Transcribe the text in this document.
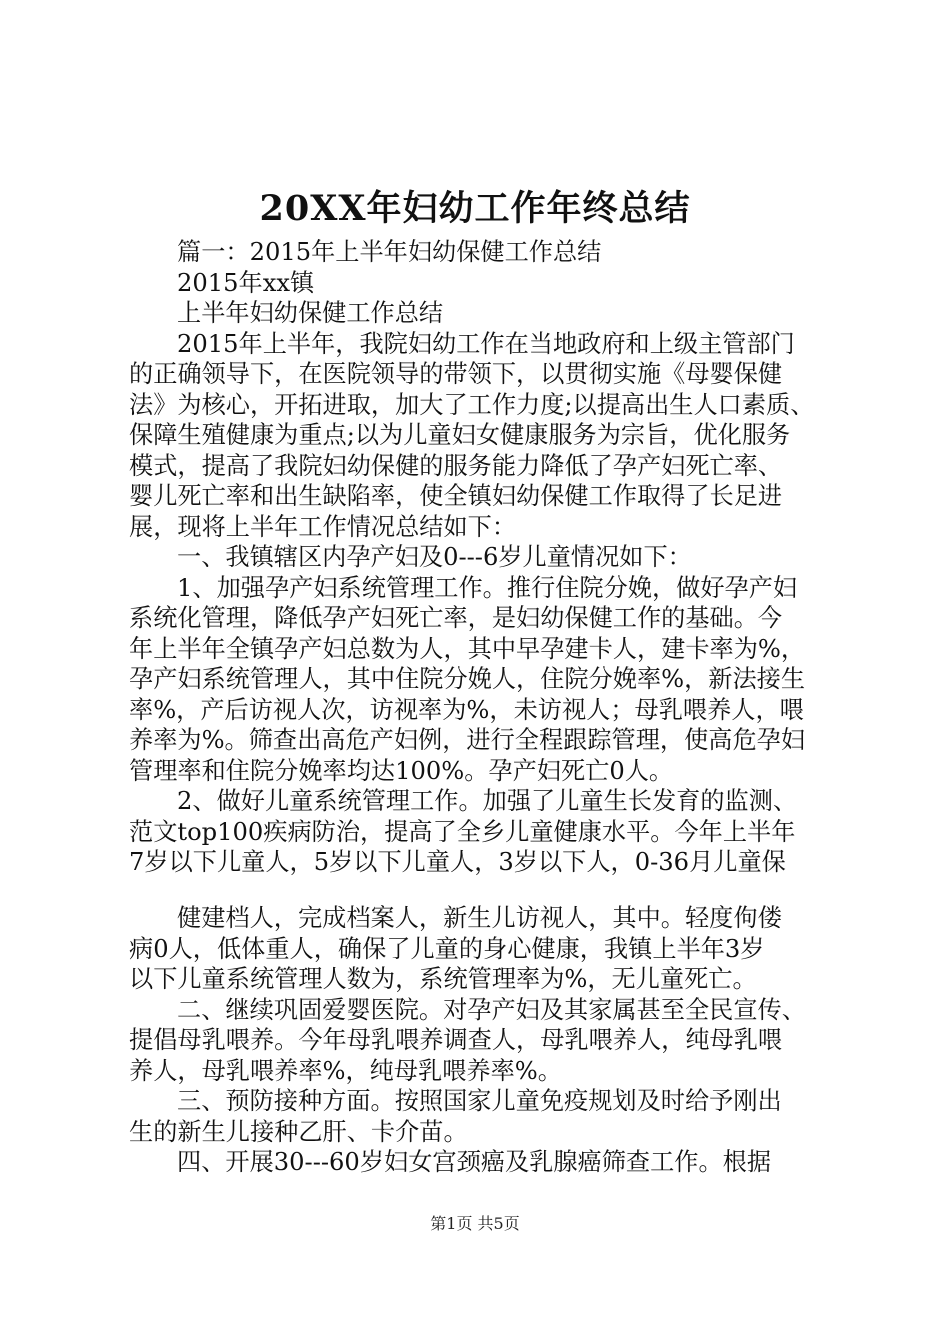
20XX年妇幼工作年终总结

篇一：2015年上半年妇幼保健工作总结

2015年xx镇

上半年妇幼保健工作总结

2015年上半年，我院妇幼工作在当地政府和上级主管部门

的正确领导下，在医院领导的带领下，以贯彻实施《母婴保健

法》为核心，开拓进取，加大了工作力度;以提高出生人口素质、

保障生殖健康为重点;以为儿童妇女健康服务为宗旨，优化服务

模式，提高了我院妇幼保健的服务能力降低了孕产妇死亡率、

婴儿死亡率和出生缺陷率，使全镇妇幼保健工作取得了长足进

展，现将上半年工作情况总结如下：

一、我镇辖区内孕产妇及0---6岁儿童情况如下：

1、加强孕产妇系统管理工作。推行住院分娩，做好孕产妇

系统化管理，降低孕产妇死亡率，是妇幼保健工作的基础。今

年上半年全镇孕产妇总数为人，其中早孕建卡人，建卡率为%，

孕产妇系统管理人，其中住院分娩人，住院分娩率%，新法接生

率%，产后访视人次，访视率为%，未访视人；母乳喂养人，喂

养率为%。筛查出高危产妇例，进行全程跟踪管理，使高危孕妇

管理率和住院分娩率均达100%。孕产妇死亡0人。

2、做好儿童系统管理工作。加强了儿童生长发育的监测、

范文top100疾病防治，提高了全乡儿童健康水平。今年上半年

7岁以下儿童人，5岁以下儿童人，3岁以下人，0-36月儿童保

健建档人，完成档案人，新生儿访视人，其中。轻度佝偻

病0人，低体重人，确保了儿童的身心健康，我镇上半年3岁

以下儿童系统管理人数为，系统管理率为%，无儿童死亡。

二、继续巩固爱婴医院。对孕产妇及其家属甚至全民宣传、

提倡母乳喂养。今年母乳喂养调查人，母乳喂养人，纯母乳喂

养人，母乳喂养率%，纯母乳喂养率%。

三、预防接种方面。按照国家儿童免疫规划及时给予刚出

生的新生儿接种乙肝、卡介苗。

四、开展30---60岁妇女宫颈癌及乳腺癌筛查工作。根据

第1页 共5页
